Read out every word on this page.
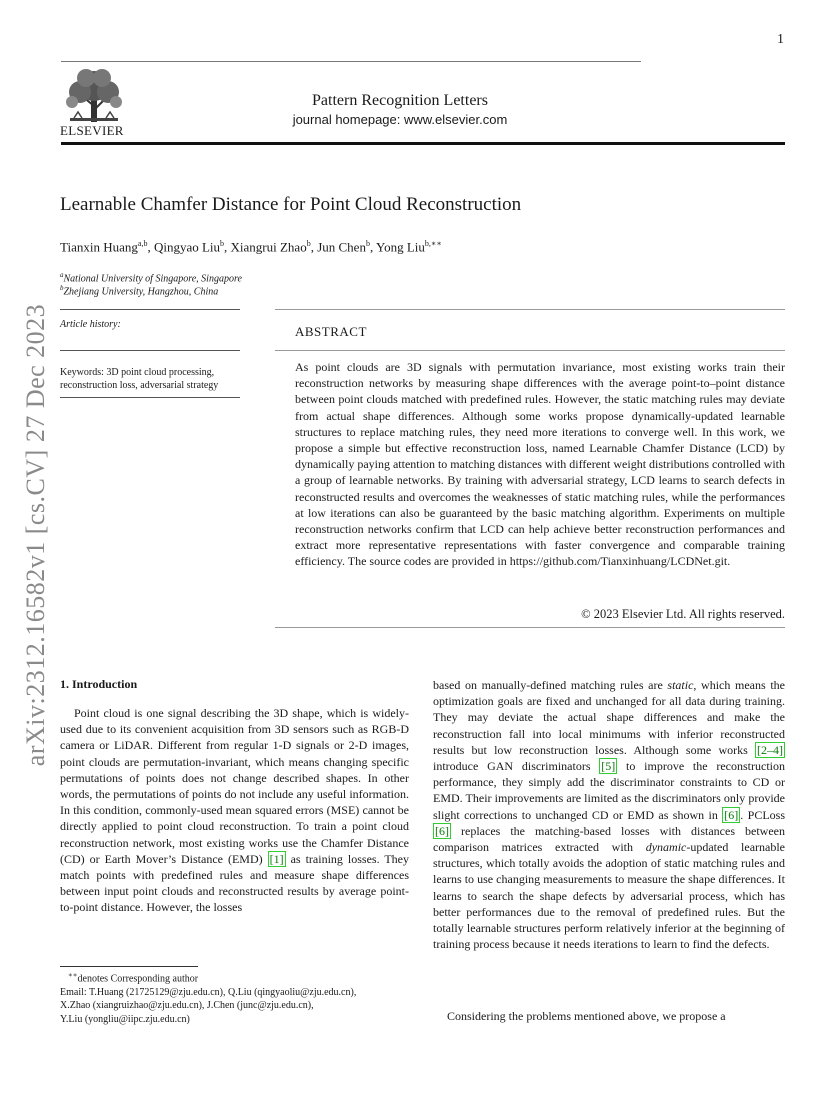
1
ELSEVIER
Pattern Recognition Letters
journal homepage: www.elsevier.com
arXiv:2312.16582v1 [cs.CV] 27 Dec 2023
Learnable Chamfer Distance for Point Cloud Reconstruction
Tianxin Huang$^{a,b}$, Qingyao Liu$^b$, Xiangrui Zhao$^b$, Jun Chen$^b$, Yong Liu$^{b,∗∗}$
$^a$National University of Singapore, Singapore
$^b$Zhejiang University, Hangzhou, China
Article history:
Keywords: 3D point cloud processing,
reconstruction loss, adversarial strategy
ABSTRACT
As point clouds are 3D signals with permutation invariance, most existing works train their reconstruction networks by measuring shape differences with the average point-to–point distance between point clouds matched with predefined rules. However, the static matching rules may deviate from actual shape differences. Although some works propose dynamically-updated learnable structures to replace matching rules, they need more iterations to converge well. In this work, we propose a simple but effective reconstruction loss, named Learnable Chamfer Distance (LCD) by dynamically paying attention to matching distances with different weight distributions controlled with a group of learnable networks. By training with adversarial strategy, LCD learns to search defects in reconstructed results and overcomes the weaknesses of static matching rules, while the performances at low iterations can also be guaranteed by the basic matching algorithm. Experiments on multiple reconstruction networks confirm that LCD can help achieve better reconstruction performances and extract more representative representations with faster convergence and comparable training efficiency. The source codes are provided in https://github.com/Tianxinhuang/LCDNet.git.
© 2023 Elsevier Ltd. All rights reserved.
1. Introduction
Point cloud is one signal describing the 3D shape, which is widely-used due to its convenient acquisition from 3D sensors such as RGB-D camera or LiDAR. Different from regular 1-D signals or 2-D images, point clouds are permutation-invariant, which means changing specific permutations of points does not change described shapes. In other words, the permutations of points do not include any useful information. In this condition, commonly-used mean squared errors (MSE) cannot be directly applied to point cloud reconstruction. To train a point cloud reconstruction network, most existing works use the Chamfer Distance (CD) or Earth Mover’s Distance (EMD) [1] as training losses. They match points with predefined rules and measure shape differences between input point clouds and reconstructed results by average point-to-point distance. However, the losses
based on manually-defined matching rules are static, which means the optimization goals are fixed and unchanged for all data during training. They may deviate the actual shape differences and make the reconstruction fall into local minimums with inferior reconstructed results but low reconstruction losses. Although some works [2–4] introduce GAN discriminators [5] to improve the reconstruction performance, they simply add the discriminator constraints to CD or EMD. Their improvements are limited as the discriminators only provide slight corrections to unchanged CD or EMD as shown in [6] . PCLoss [6] replaces the matching-based losses with distances between comparison matrices extracted with dynamic-updated learnable structures, which totally avoids the adoption of static matching rules and learns to use changing measurements to measure the shape differences. It learns to search the shape defects by adversarial process, which has better performances due to the removal of predefined rules. But the totally learnable structures perform relatively inferior at the beginning of training process because it needs iterations to learn to find the defects.
Considering the problems mentioned above, we propose a
∗∗denotes Corresponding author
Email: T.Huang (21725129@zju.edu.cn), Q.Liu (qingyaoliu@zju.edu.cn),
X.Zhao (xiangruizhao@zju.edu.cn), J.Chen (junc@zju.edu.cn),
Y.Liu (yongliu@iipc.zju.edu.cn)
